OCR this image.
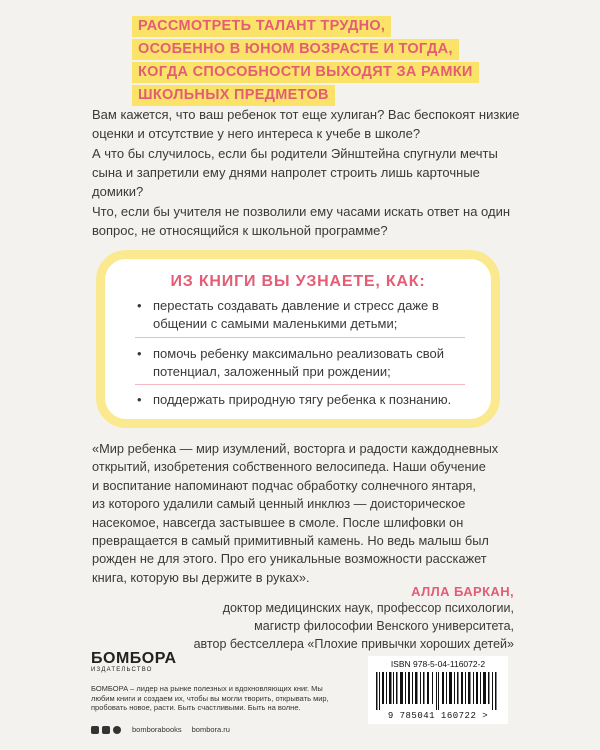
РАССМОТРЕТЬ ТАЛАНТ ТРУДНО,
ОСОБЕННО В ЮНОМ ВОЗРАСТЕ И ТОГДА,
КОГДА СПОСОБНОСТИ ВЫХОДЯТ ЗА РАМКИ
ШКОЛЬНЫХ ПРЕДМЕТОВ

Вам кажется, что ваш ребенок тот еще хулиган? Вас беспокоят низкие оценки и отсутствие у него интереса к учебе в школе?

А что бы случилось, если бы родители Эйнштейна спугнули мечты сына и запретили ему днями напролет строить лишь карточные домики?

Что, если бы учителя не позволили ему часами искать ответ на один вопрос, не относящийся к школьной программе?

ИЗ КНИГИ ВЫ УЗНАЕТЕ, КАК:
• перестать создавать давление и стресс даже в общении с самыми маленькими детьми;
• помочь ребенку максимально реализовать свой потенциал, заложенный при рождении;
• поддержать природную тягу ребенка к познанию.
«Мир ребенка — мир изумлений, восторга и радости каждодневных
открытий, изобретения собственного велосипеда. Наши обучение
и воспитание напоминают подчас обработку солнечного янтаря,
из которого удалили самый ценный инклюз — доисторическое
насекомое, навсегда застывшее в смоле. После шлифовки он
превращается в самый примитивный камень. Но ведь малыш был
рожден не для этого. Про его уникальные возможности расскажет
книга, которую вы держите в руках».
АЛЛА БАРКАН,
доктор медицинских наук, профессор психологии,
магистр философии Венского университета,
автор бестселлера «Плохие привычки хороших детей»
БОМБОРА
ИЗДАТЕЛЬСТВО
БОМБОРА – лидер на рынке полезных и вдохновляющих книг. Мы любим книги и создаем их, чтобы вы могли творить, открывать мир, пробовать новое, расти. Быть счастливыми. Быть на волне.
bomborabooks bombora.ru
ISBN 978-5-04-116072-2
9 785041 160722 >
